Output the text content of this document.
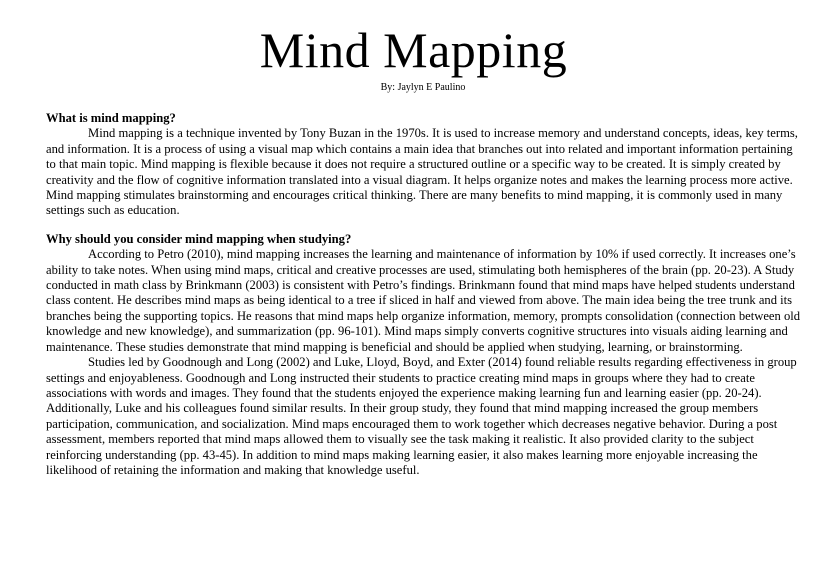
Mind Mapping
By: Jaylyn E Paulino

What is mind mapping?

Mind mapping is a technique invented by Tony Buzan in the 1970s. It is used to increase memory and understand concepts, ideas, key terms, and information. It is a process of using a visual map which contains a main idea that branches out into related and important information pertaining to that main topic. Mind mapping is flexible because it does not require a structured outline or a specific way to be created. It is simply created by creativity and the flow of cognitive information translated into a visual diagram. It helps organize notes and makes the learning process more active. Mind mapping stimulates brainstorming and encourages critical thinking. There are many benefits to mind mapping, it is commonly used in many settings such as education.

Why should you consider mind mapping when studying?

According to Petro (2010), mind mapping increases the learning and maintenance of information by 10% if used correctly. It increases one’s ability to take notes. When using mind maps, critical and creative processes are used, stimulating both hemispheres of the brain (pp. 20-23). A Study conducted in math class by Brinkmann (2003) is consistent with Petro’s findings. Brinkmann found that mind maps have helped students understand class content. He describes mind maps as being identical to a tree if sliced in half and viewed from above. The main idea being the tree trunk and its branches being the supporting topics. He reasons that mind maps help organize information, memory, prompts consolidation (connection between old knowledge and new knowledge), and summarization (pp. 96-101). Mind maps simply converts cognitive structures into visuals aiding learning and maintenance. These studies demonstrate that mind mapping is beneficial and should be applied when studying, learning, or brainstorming.

Studies led by Goodnough and Long (2002) and Luke, Lloyd, Boyd, and Exter (2014) found reliable results regarding effectiveness in group settings and enjoyableness. Goodnough and Long instructed their students to practice creating mind maps in groups where they had to create associations with words and images. They found that the students enjoyed the experience making learning fun and learning easier (pp. 20-24). Additionally, Luke and his colleagues found similar results. In their group study, they found that mind mapping increased the group members participation, communication, and socialization. Mind maps encouraged them to work together which decreases negative behavior. During a post assessment, members reported that mind maps allowed them to visually see the task making it realistic. It also provided clarity to the subject reinforcing understanding (pp. 43-45). In addition to mind maps making learning easier, it also makes learning more enjoyable increasing the likelihood of retaining the information and making that knowledge useful.
